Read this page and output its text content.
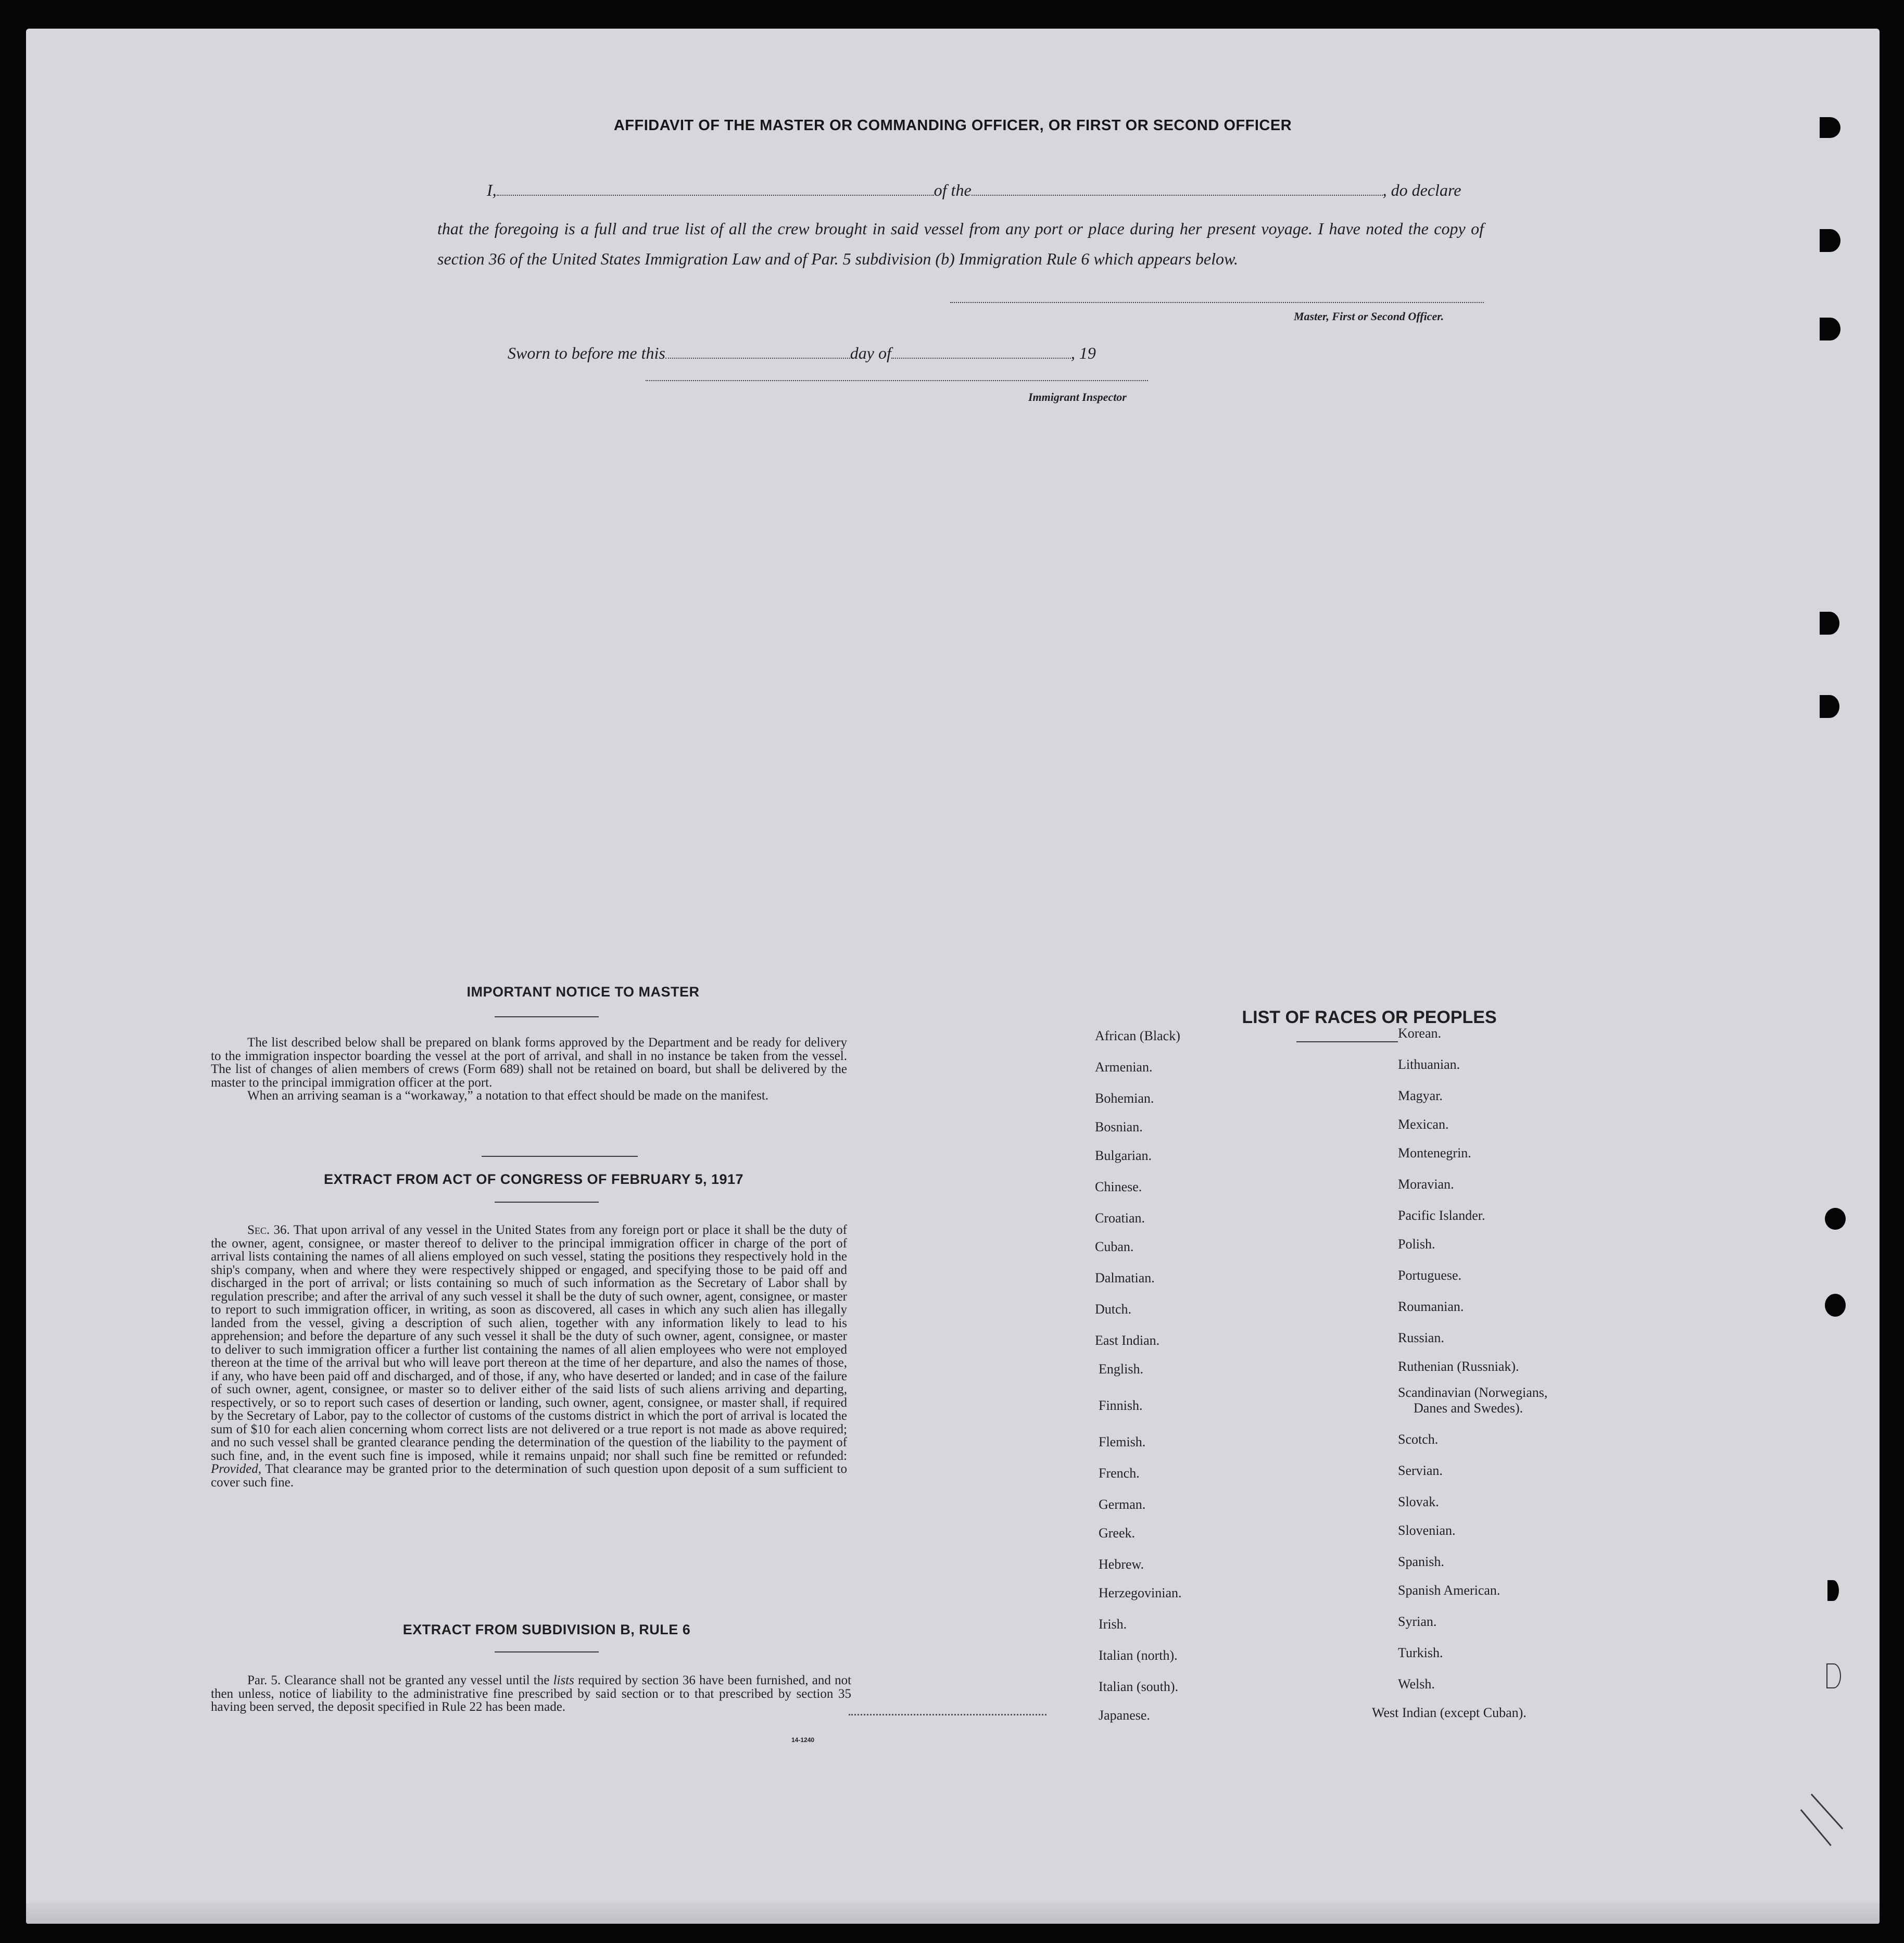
AFFIDAVIT OF THE MASTER OR COMMANDING OFFICER, OR FIRST OR SECOND OFFICER
I,	of the	, do declare
that the foregoing is a full and true list of all the crew brought in said vessel from any port or place during her present voyage. I have noted the copy of section 36 of the United States Immigration Law and of Par. 5 subdivision (b) Immigration Rule 6 which appears below.
Master, First or Second Officer.
Sworn to before me this	day of	, 19
Immigrant Inspector
IMPORTANT NOTICE TO MASTER

The list described below shall be prepared on blank forms approved by the Department and be ready for delivery to the immigration inspector boarding the vessel at the port of arrival, and shall in no instance be taken from the vessel. The list of changes of alien members of crews (Form 689) shall not be retained on board, but shall be delivered by the master to the principal immigration officer at the port.

When an arriving seaman is a “workaway,” a notation to that effect should be made on the manifest.

EXTRACT FROM ACT OF CONGRESS OF FEBRUARY 5, 1917

Sec. 36. That upon arrival of any vessel in the United States from any foreign port or place it shall be the duty of the owner, agent, consignee, or master thereof to deliver to the principal immigration officer in charge of the port of arrival lists containing the names of all aliens employed on such vessel, stating the positions they respectively hold in the ship's company, when and where they were respectively shipped or engaged, and specifying those to be paid off and discharged in the port of arrival; or lists containing so much of such information as the Secretary of Labor shall by regulation prescribe; and after the arrival of any such vessel it shall be the duty of such owner, agent, consignee, or master to report to such immigration officer, in writing, as soon as discovered, all cases in which any such alien has illegally landed from the vessel, giving a description of such alien, together with any information likely to lead to his apprehension; and before the departure of any such vessel it shall be the duty of such owner, agent, consignee, or master to deliver to such immigration officer a further list containing the names of all alien employees who were not employed thereon at the time of the arrival but who will leave port thereon at the time of her departure, and also the names of those, if any, who have been paid off and discharged, and of those, if any, who have deserted or landed; and in case of the failure of such owner, agent, consignee, or master so to deliver either of the said lists of such aliens arriving and departing, respectively, or so to report such cases of desertion or landing, such owner, agent, consignee, or master shall, if required by the Secretary of Labor, pay to the collector of customs of the customs district in which the port of arrival is located the sum of $10 for each alien concerning whom correct lists are not delivered or a true report is not made as above required; and no such vessel shall be granted clearance pending the determination of the question of the liability to the payment of such fine, and, in the event such fine is imposed, while it remains unpaid; nor shall such fine be remitted or refunded: Provided, That clearance may be granted prior to the determination of such question upon deposit of a sum sufficient to cover such fine.

EXTRACT FROM SUBDIVISION B, RULE 6

Par. 5. Clearance shall not be granted any vessel until the lists required by section 36 have been furnished, and not then unless, notice of liability to the administrative fine prescribed by said section or to that prescribed by section 35 having been served, the deposit specified in Rule 22 has been made.

14-1240
LIST OF RACES OR PEOPLES
African (Black)
Armenian.
Bohemian.
Bosnian.
Bulgarian.
Chinese.
Croatian.
Cuban.
Dalmatian.
Dutch.
East Indian.
English.
Finnish.
Flemish.
French.
German.
Greek.
Hebrew.
Herzegovinian.
Irish.
Italian (north).
Italian (south).
Japanese.
Korean.
Lithuanian.
Magyar.
Mexican.
Montenegrin.
Moravian.
Pacific Islander.
Polish.
Portuguese.
Roumanian.
Russian.
Ruthenian (Russniak).
Scandinavian (Norwegians,
Scotch.
Servian.
Slovak.
Slovenian.
Spanish.
Spanish American.
Syrian.
Turkish.
Welsh.
West Indian (except Cuban).
Danes and Swedes).
